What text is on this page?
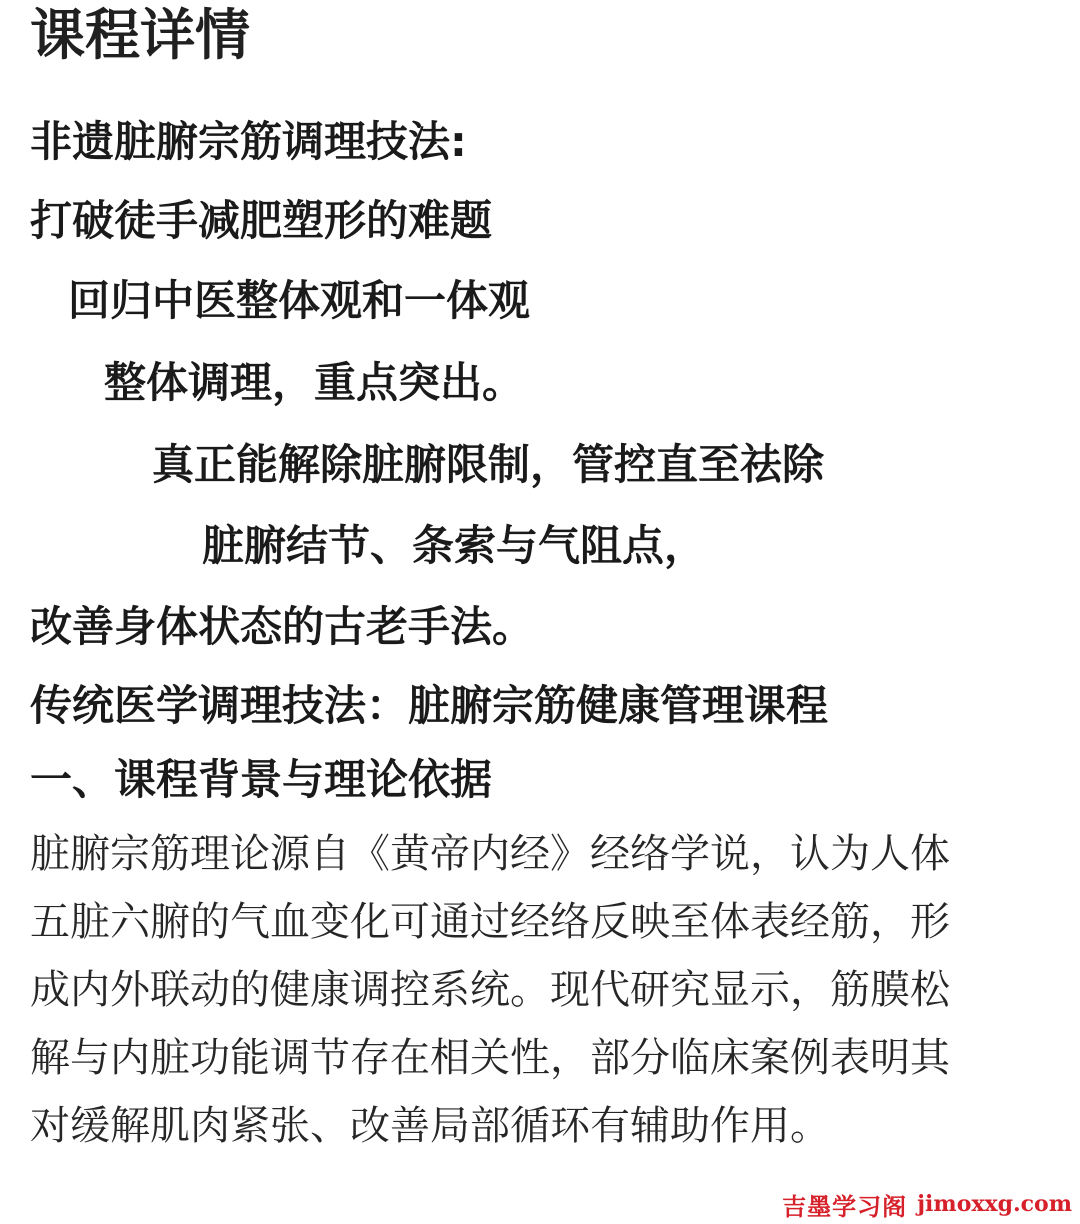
课程详情
非遗脏腑宗筋调理技法:
打破徒手减肥塑形的难题
回归中医整体观和一体观
整体调理，重点突出。
真正能解除脏腑限制，管控直至祛除
脏腑结节、条索与气阻点，
改善身体状态的古老手法。
传统医学调理技法：脏腑宗筋健康管理课程
一、课程背景与理论依据
脏腑宗筋理论源自《黄帝内经》经络学说，认为人体
五脏六腑的气血变化可通过经络反映至体表经筋，形
成内外联动的健康调控系统。现代研究显示，筋膜松
解与内脏功能调节存在相关性，部分临床案例表明其
对缓解肌肉紧张、改善局部循环有辅助作用。
吉墨学习阁 jimoxxg.com
